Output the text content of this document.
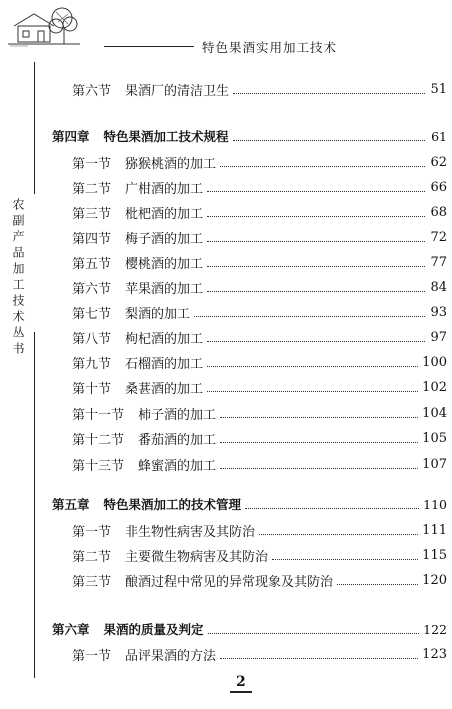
特色果酒实用加工技术
农副产品加工技术丛书
第六节 果酒厂的清洁卫生	51
第四章 特色果酒加工技术规程	61
第一节 猕猴桃酒的加工	62
第二节 广柑酒的加工	66
第三节 枇杷酒的加工	68
第四节 梅子酒的加工	72
第五节 樱桃酒的加工	77
第六节 苹果酒的加工	84
第七节 梨酒的加工	93
第八节 枸杞酒的加工	97
第九节 石榴酒的加工	100
第十节 桑葚酒的加工	102
第十一节 柿子酒的加工	104
第十二节 番茄酒的加工	105
第十三节 蜂蜜酒的加工	107
第五章 特色果酒加工的技术管理	110
第一节 非生物性病害及其防治	111
第二节 主要微生物病害及其防治	115
第三节 酿酒过程中常见的异常现象及其防治	120
第六章 果酒的质量及判定	122
第一节 品评果酒的方法	123
2
